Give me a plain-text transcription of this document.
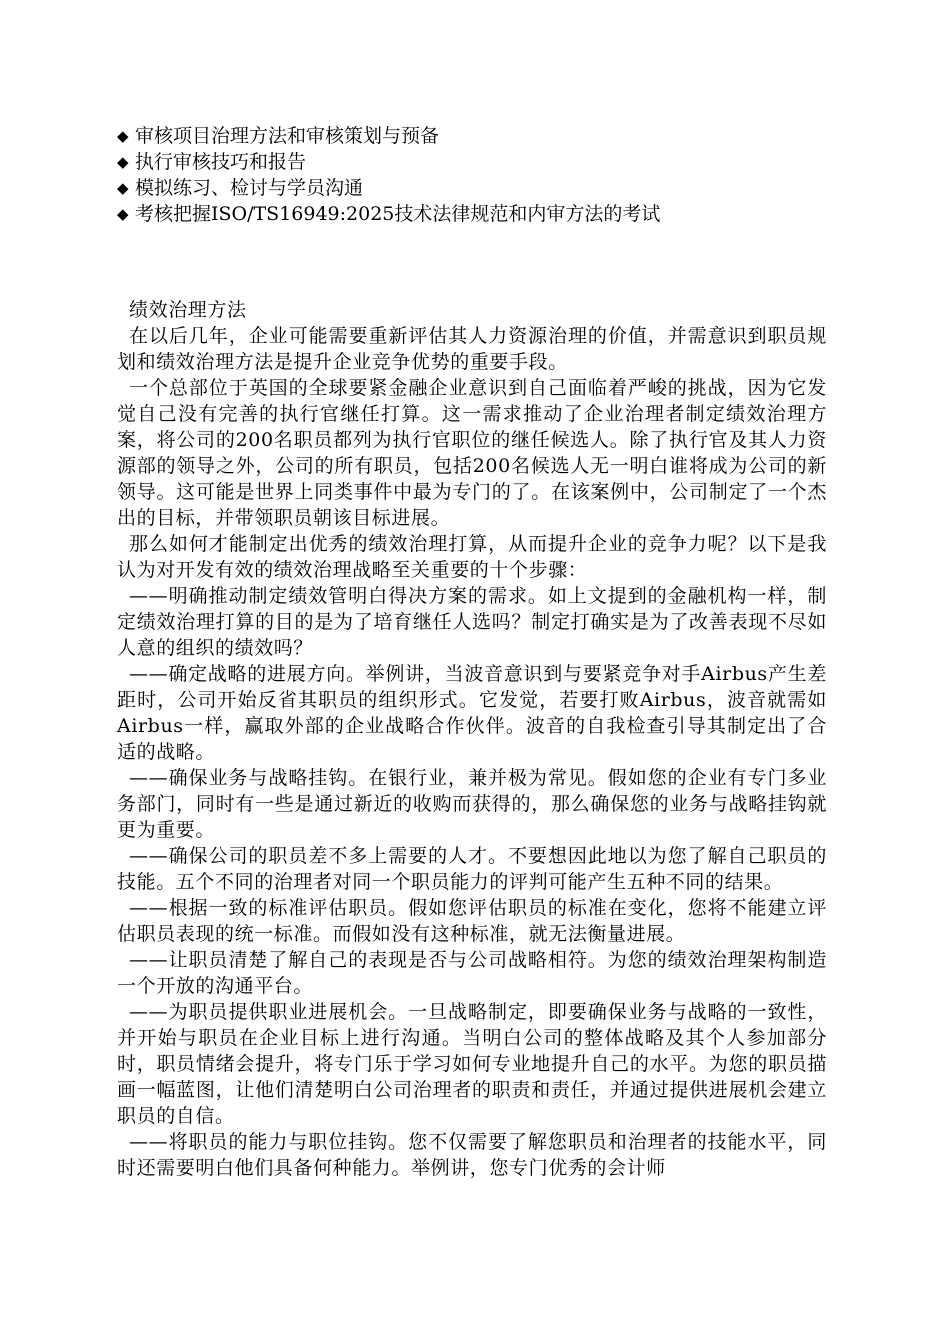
◆ 审核项目治理方法和审核策划与预备
◆ 执行审核技巧和报告
◆ 模拟练习、检讨与学员沟通
◆ 考核把握ISO/TS16949:2025技术法律规范和内审方法的考试

绩效治理方法

在以后几年，企业可能需要重新评估其人力资源治理的价值，并需意识到职员规划和绩效治理方法是提升企业竞争优势的重要手段。

一个总部位于英国的全球要紧金融企业意识到自己面临着严峻的挑战，因为它发觉自己没有完善的执行官继任打算。这一需求推动了企业治理者制定绩效治理方案，将公司的200名职员都列为执行官职位的继任候选人。除了执行官及其人力资源部的领导之外，公司的所有职员，包括200名候选人无一明白谁将成为公司的新领导。这可能是世界上同类事件中最为专门的了。在该案例中，公司制定了一个杰出的目标，并带领职员朝该目标进展。

那么如何才能制定出优秀的绩效治理打算，从而提升企业的竞争力呢？以下是我认为对开发有效的绩效治理战略至关重要的十个步骤：

——明确推动制定绩效管明白得决方案的需求。如上文提到的金融机构一样，制定绩效治理打算的目的是为了培育继任人选吗？制定打确实是为了改善表现不尽如人意的组织的绩效吗？

——确定战略的进展方向。举例讲，当波音意识到与要紧竞争对手Airbus产生差距时，公司开始反省其职员的组织形式。它发觉，若要打败Airbus，波音就需如Airbus一样，赢取外部的企业战略合作伙伴。波音的自我检查引导其制定出了合适的战略。

——确保业务与战略挂钩。在银行业，兼并极为常见。假如您的企业有专门多业务部门，同时有一些是通过新近的收购而获得的，那么确保您的业务与战略挂钩就更为重要。

——确保公司的职员差不多上需要的人才。不要想因此地以为您了解自己职员的技能。五个不同的治理者对同一个职员能力的评判可能产生五种不同的结果。

——根据一致的标准评估职员。假如您评估职员的标准在变化，您将不能建立评估职员表现的统一标准。而假如没有这种标准，就无法衡量进展。

——让职员清楚了解自己的表现是否与公司战略相符。为您的绩效治理架构制造一个开放的沟通平台。

——为职员提供职业进展机会。一旦战略制定，即要确保业务与战略的一致性，并开始与职员在企业目标上进行沟通。当明白公司的整体战略及其个人参加部分时，职员情绪会提升，将专门乐于学习如何专业地提升自己的水平。为您的职员描画一幅蓝图，让他们清楚明白公司治理者的职责和责任，并通过提供进展机会建立职员的自信。

——将职员的能力与职位挂钩。您不仅需要了解您职员和治理者的技能水平，同时还需要明白他们具备何种能力。举例讲，您专门优秀的会计师
